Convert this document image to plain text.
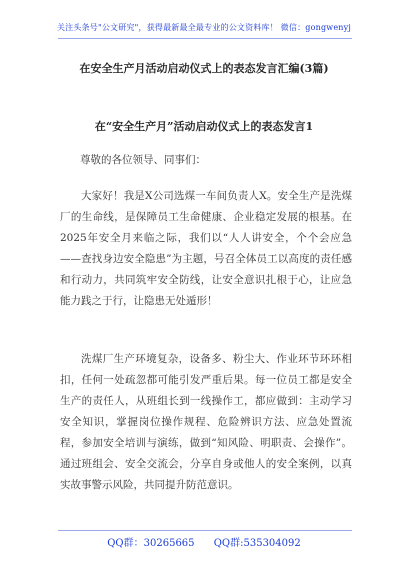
关注头条号"公文研究"，获得最新最全最专业的公文资料库！ 微信：gongwenyj
在安全生产月活动启动仪式上的表态发言汇编(3篇)
在“安全生产月”活动启动仪式上的表态发言1
尊敬的各位领导、同事们：

大家好！我是X公司选煤一车间负责人X。安全生产是洗煤厂的生命线，是保障员工生命健康、企业稳定发展的根基。在2025年安全月来临之际，我们以“人人讲安全，个个会应急——查找身边安全隐患”为主题，号召全体员工以高度的责任感和行动力，共同筑牢安全防线，让安全意识扎根于心，让应急能力践之于行，让隐患无处遁形！

洗煤厂生产环境复杂，设备多、粉尘大、作业环节环环相扣，任何一处疏忽都可能引发严重后果。每一位员工都是安全生产的责任人，从班组长到一线操作工，都应做到：主动学习安全知识，掌握岗位操作规程、危险辨识方法、应急处置流程，参加安全培训与演练，做到“知风险、明职责、会操作”。通过班组会、安全交流会，分享自身或他人的安全案例，以真实故事警示风险，共同提升防范意识。

QQ群：30265665 QQ群:535304092
